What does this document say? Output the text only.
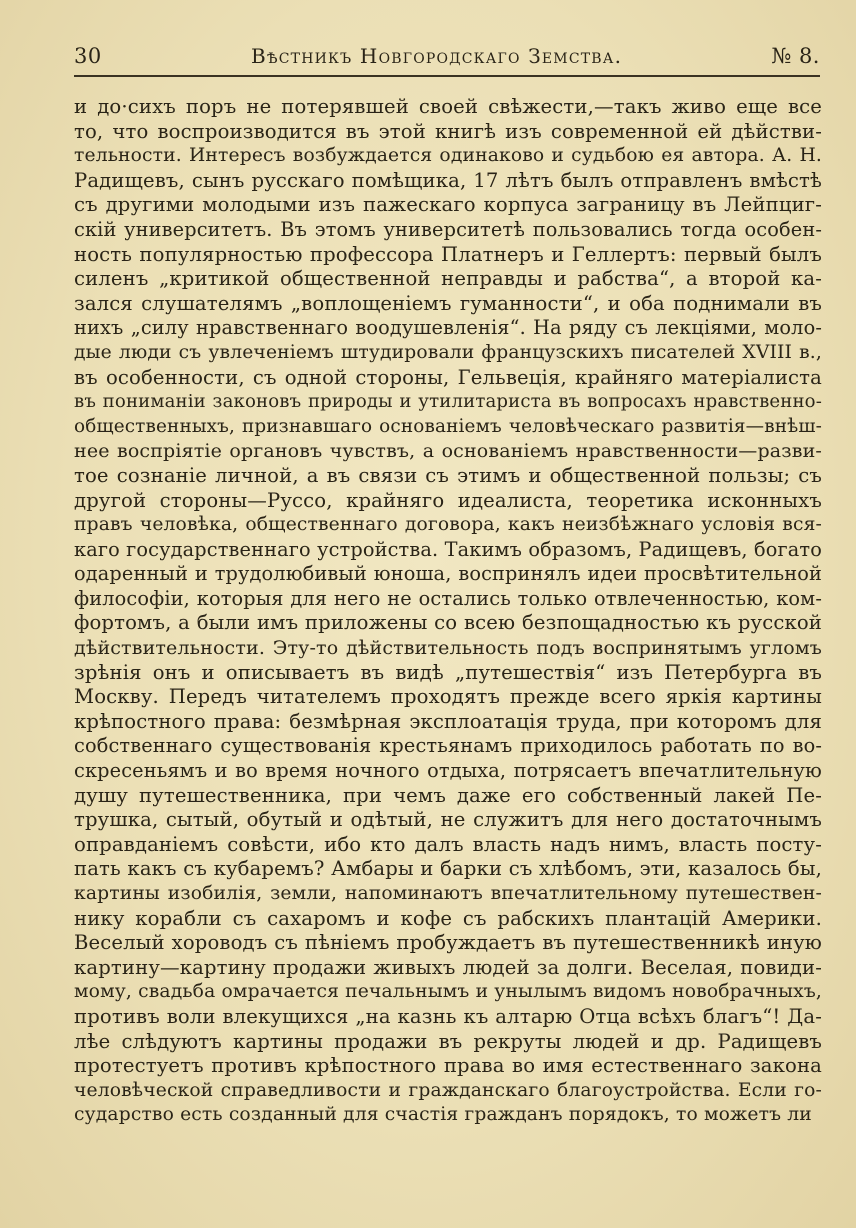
30	Вѣстникъ Новгородскаго Земства.	№ 8.
и до·сихъ поръ не потерявшей своей свѣжести,—такъ живо еще все
то, что воспроизводится въ этой книгѣ изъ современной ей дѣйстви-
тельности. Интересъ возбуждается одинаково и судьбою ея автора. А. Н.
Радищевъ, сынъ русскаго помѣщика, 17 лѣтъ былъ отправленъ вмѣстѣ
съ другими молодыми изъ пажескаго корпуса заграницу въ Лейпциг-
скій университетъ. Въ этомъ университетѣ пользовались тогда особен-
ность популярностью профессора Платнеръ и Геллертъ: первый былъ
силенъ „критикой общественной неправды и рабства“, а второй ка-
зался слушателямъ „воплощеніемъ гуманности“, и оба поднимали въ
нихъ „силу нравственнаго воодушевленія“. На ряду съ лекціями, моло-
дые люди съ увлеченіемъ штудировали французскихъ писателей XVIII в.,
въ особенности, съ одной стороны, Гельвеція, крайняго матеріалиста
въ пониманіи законовъ природы и утилитариста въ вопросахъ нравственно-
общественныхъ, признавшаго основаніемъ человѣческаго развитія—внѣш-
нее воспріятіе органовъ чувствъ, а основаніемъ нравственности—разви-
тое сознаніе личной, а въ связи съ этимъ и общественной пользы; съ
другой стороны—Руссо, крайняго идеалиста, теоретика исконныхъ
правъ человѣка, общественнаго договора, какъ неизбѣжнаго условія вся-
каго государственнаго устройства. Такимъ образомъ, Радищевъ, богато
одаренный и трудолюбивый юноша, воспринялъ идеи просвѣтительной
философіи, которыя для него не остались только отвлеченностью, ком-
фортомъ, а были имъ приложены со всею безпощадностью къ русской
дѣйствительности. Эту-то дѣйствительность подъ воспринятымъ угломъ
зрѣнія онъ и описываетъ въ видѣ „путешествія“ изъ Петербурга въ
Москву. Передъ читателемъ проходятъ прежде всего яркія картины
крѣпостного права: безмѣрная эксплоатація труда, при которомъ для
собственнаго существованія крестьянамъ приходилось работать по во-
скресеньямъ и во время ночного отдыха, потрясаетъ впечатлительную
душу путешественника, при чемъ даже его собственный лакей Пе-
трушка, сытый, обутый и одѣтый, не служитъ для него достаточнымъ
оправданіемъ совѣсти, ибо кто далъ власть надъ нимъ, власть посту-
пать какъ съ кубаремъ? Амбары и барки съ хлѣбомъ, эти, казалось бы,
картины изобилія, земли, напоминаютъ впечатлительному путешествен-
нику корабли съ сахаромъ и кофе съ рабскихъ плантацій Америки.
Веселый хороводъ съ пѣніемъ пробуждаетъ въ путешественникѣ иную
картину—картину продажи живыхъ людей за долги. Веселая, повиди-
мому, свадьба омрачается печальнымъ и унылымъ видомъ новобрачныхъ,
противъ воли влекущихся „на казнь къ алтарю Отца всѣхъ благъ“! Да-
лѣе слѣдуютъ картины продажи въ рекруты людей и др. Радищевъ
протестуетъ противъ крѣпостного права во имя естественнаго закона
человѣческой справедливости и гражданскаго благоустройства. Если го-
сударство есть созданный для счастія гражданъ порядокъ, то можетъ ли
